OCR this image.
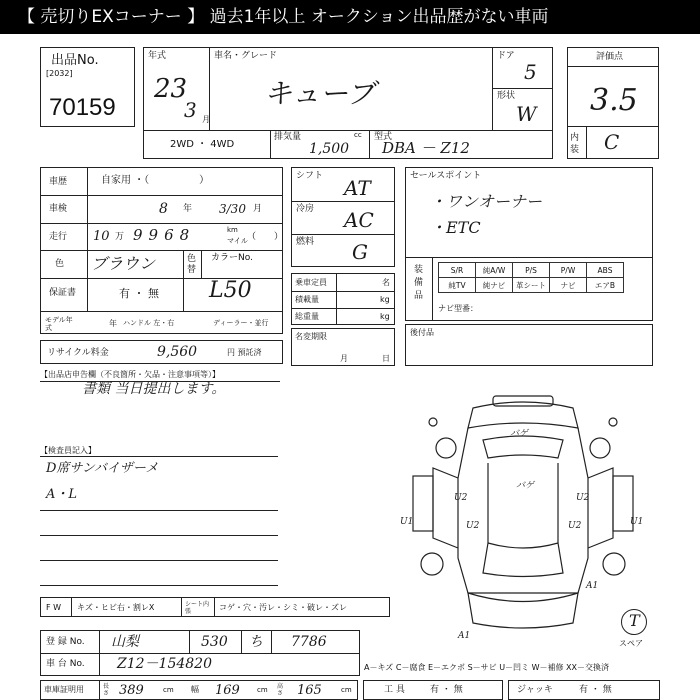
【 売切りEXコーナー 】 過去1年以上 オークション出品歴がない車両
出品No.
[2032]
70159
年式
23
3 月
車名・グレード
キューブ
ドア
5
形状
W
2WD ・ 4WD
排気量	cc
1,500
型式
DBA － Z12
評価点
3.5
内装 C
車歴	自家用 ・（　　　　　）
車検	8 年 3/30 月
走行 10 万 9968	km
マイル （　　）
色 ブラウン	色替
カラーNo.
L50
保証書	有 ・ 無
モデル年式	年 ハンドル 左・右	ディーラー・並行
リサイクル料金	9,560	円 預託済
シフト AT
冷房 AC
燃料 G
乗車定員	名
積載量	kg
総重量	kg
名変期限
月	日
セールスポイント
・ワンオーナー
・ETC
装備品
S/R	純A/W	P/S	P/W	ABS
純TV	純ナビ	革シート	ナビ	エアB
ナビ型番：
後付品
【出品店申告欄（不良箇所・欠品・注意事項等）】
書類 当日提出します。
【検査員記入】
D席サンバイザーメ
A・L
バゲ
バゲ
U2	U2
U1	U1
A1
A1
U2	U2
T
スペア
F W キズ・ヒビ右・割レX	シート内張	コゲ・穴・汚レ・シミ・破レ・ズレ
登 録 No. 山梨	530 ち 7786
車 台 No. Z12－154820	A－キズ C－腐食 E－エクボ S－サビ U－凹ミ W－補修 XX－交換済
車庫証明用	長さ 389	cm 幅 169 cm 高さ	165	cm	工 具	有 ・ 無	ジャッキ	有 ・ 無
